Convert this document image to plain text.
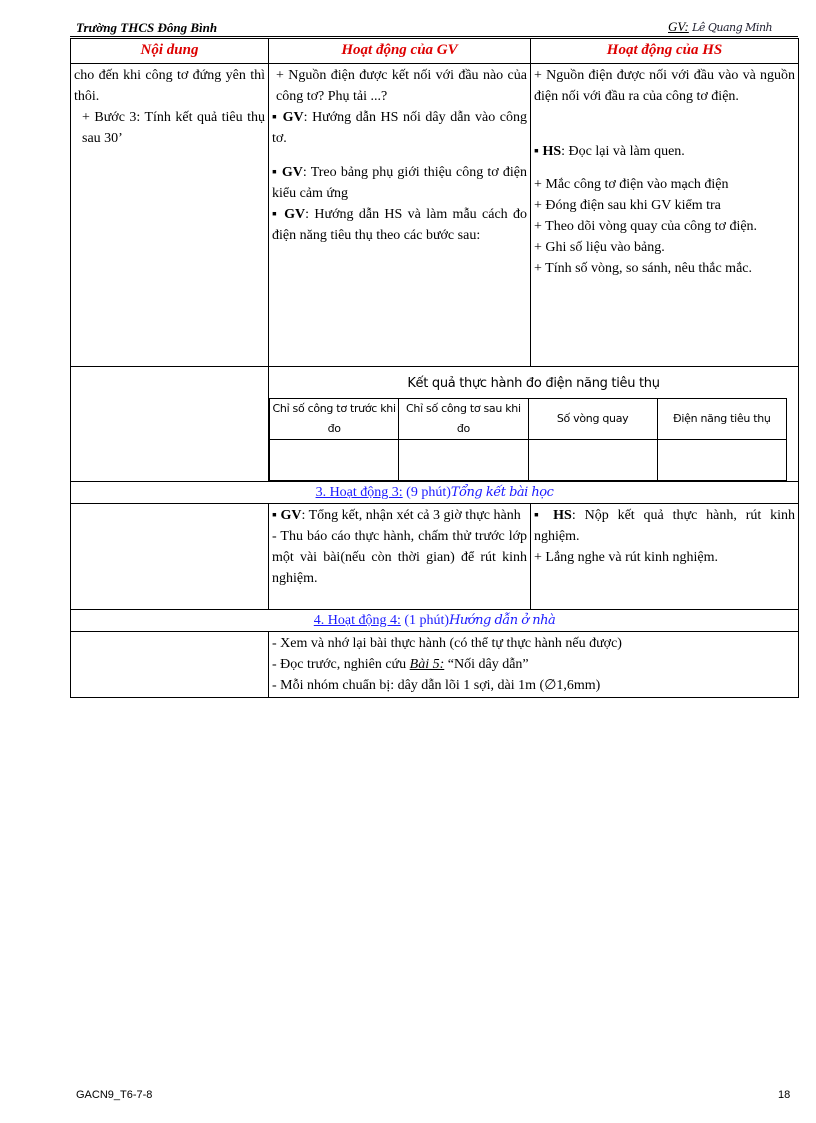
Trường THCS Đông Bình	GV: Lê Quang Minh
Nội dung	Hoạt động của GV	Hoạt động của HS

cho đến khi công tơ đứng yên thì thôi.
+ Bước 3: Tính kết quả tiêu thụ sau 30’

+ Nguồn điện được kết nối với đầu nào của công tơ? Phụ tải ...?
▪ GV: Hướng dẫn HS nối dây dẫn vào công tơ.
▪ GV: Treo bảng phụ giới thiệu công tơ điện kiểu cảm ứng
▪ GV: Hướng dẫn HS và làm mẫu cách đo điện năng tiêu thụ theo các bước sau:

+ Nguồn điện được nối với đầu vào và nguồn điện nối với đầu ra của công tơ điện.
▪ HS: Đọc lại và làm quen.
+ Mắc công tơ điện vào mạch điện
+ Đóng điện sau khi GV kiểm tra
+ Theo dõi vòng quay của công tơ điện.
+ Ghi số liệu vào bảng.
+ Tính số vòng, so sánh, nêu thắc mắc.

Kết quả thực hành đo điện năng tiêu thụ
Chỉ số công tơ trước khi đo	Chỉ số công tơ sau khi đo	Số vòng quay	Điện năng tiêu thụ

3. Hoạt động 3: (9 phút)Tổng kết bài học

▪ GV: Tổng kết, nhận xét cả 3 giờ thực hành
- Thu báo cáo thực hành, chấm thử trước lớp một vài bài(nếu còn thời gian) để rút kinh nghiệm.

▪ HS: Nộp kết quả thực hành, rút kinh nghiệm.
+ Lắng nghe và rút kinh nghiệm.

4. Hoạt động 4: (1 phút)Hướng dẫn ở nhà

- Xem và nhớ lại bài thực hành (có thể tự thực hành nếu được)
- Đọc trước, nghiên cứu Bài 5: “Nối dây dẫn”
- Mỗi nhóm chuẩn bị: dây dẫn lõi 1 sợi, dài 1m (∅1,6mm)
GACN9_T6-7-8	18
